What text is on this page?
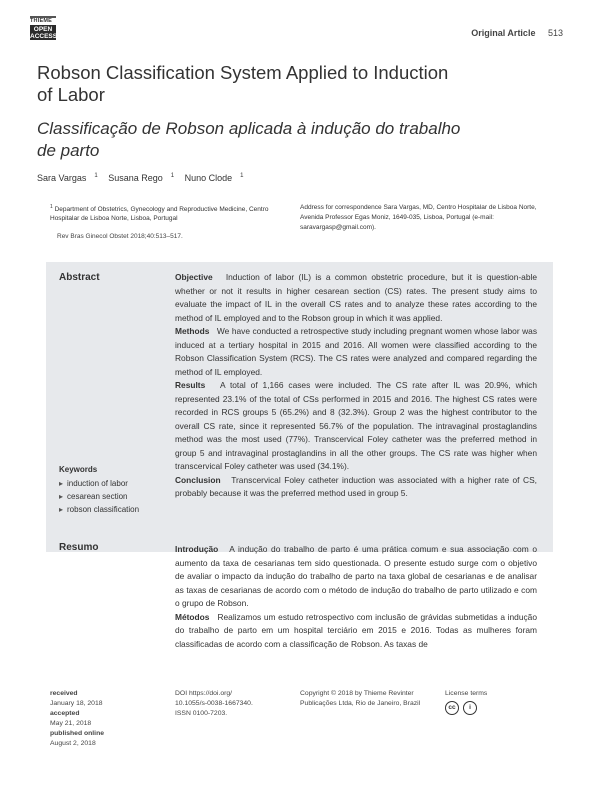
THIEME
OPEN
ACCESS	Original Article 513
Robson Classification System Applied to Induction of Labor
Classificação de Robson aplicada à indução do trabalho de parto
Sara Vargas $^1$ Susana Rego $^1$ Nuno Clode $^1$
$^1$ Department of Obstetrics, Gynecology and Reproductive Medicine, Centro Hospitalar de Lisboa Norte, Lisboa, Portugal
Address for correspondence Sara Vargas, MD, Centro Hospitalar de Lisboa Norte, Avenida Professor Egas Moniz, 1649-035, Lisboa, Portugal (e-mail: saravargasp@gmail.com).
Rev Bras Ginecol Obstet 2018;40:513–517.
Abstract	Objective Induction of labor (IL) is a common obstetric procedure, but it is question-able whether or not it results in higher cesarean section (CS) rates. The present study aims to evaluate the impact of IL in the overall CS rates and to analyze these rates according to the method of IL employed and to the Robson group in which it was applied.

Methods We have conducted a retrospective study including pregnant women whose labor was induced at a tertiary hospital in 2015 and 2016. All women were classified according to the Robson Classification System (RCS). The CS rates were analyzed and compared regarding the method of IL employed.

Results A total of 1,166 cases were included. The CS rate after IL was 20.9%, which represented 23.1% of the total of CSs performed in 2015 and 2016. The highest CS rates were recorded in RCS groups 5 (65.2%) and 8 (32.3%). Group 2 was the highest contributor to the overall CS rate, since it represented 56.7% of the population. The intravaginal prostaglandins method was the most used (77%). Transcervical Foley catheter was the preferred method in group 5 and intravaginal prostaglandins in all the other groups. The CS rate was higher when transcervical Foley catheter was used (34.1%).

Conclusion Transcervical Foley catheter induction was associated with a higher rate of CS, probably because it was the preferred method used in group 5.

Keywords
▸ induction of labor
▸ cesarean section
▸ robson classification
Resumo	Introdução A indução do trabalho de parto é uma prática comum e sua associação com o aumento da taxa de cesarianas tem sido questionada. O presente estudo surge com o objetivo de avaliar o impacto da indução do trabalho de parto na taxa global de cesarianas e de analisar as taxas de cesarianas de acordo com o método de indução do trabalho de parto utilizado e com o grupo de Robson.

Métodos Realizamos um estudo retrospectivo com inclusão de grávidas submetidas a indução do trabalho de parto em um hospital terciário em 2015 e 2016. Todas as mulheres foram classificadas de acordo com a classificação de Robson. As taxas de

received
January 18, 2018
accepted
May 21, 2018
published online
August 2, 2018
DOI https://doi.org/
10.1055/s-0038-1667340.
ISSN 0100-7203.
Copyright © 2018 by Thieme Revinter
Publicações Ltda, Rio de Janeiro, Brazil
License terms
cc	i
